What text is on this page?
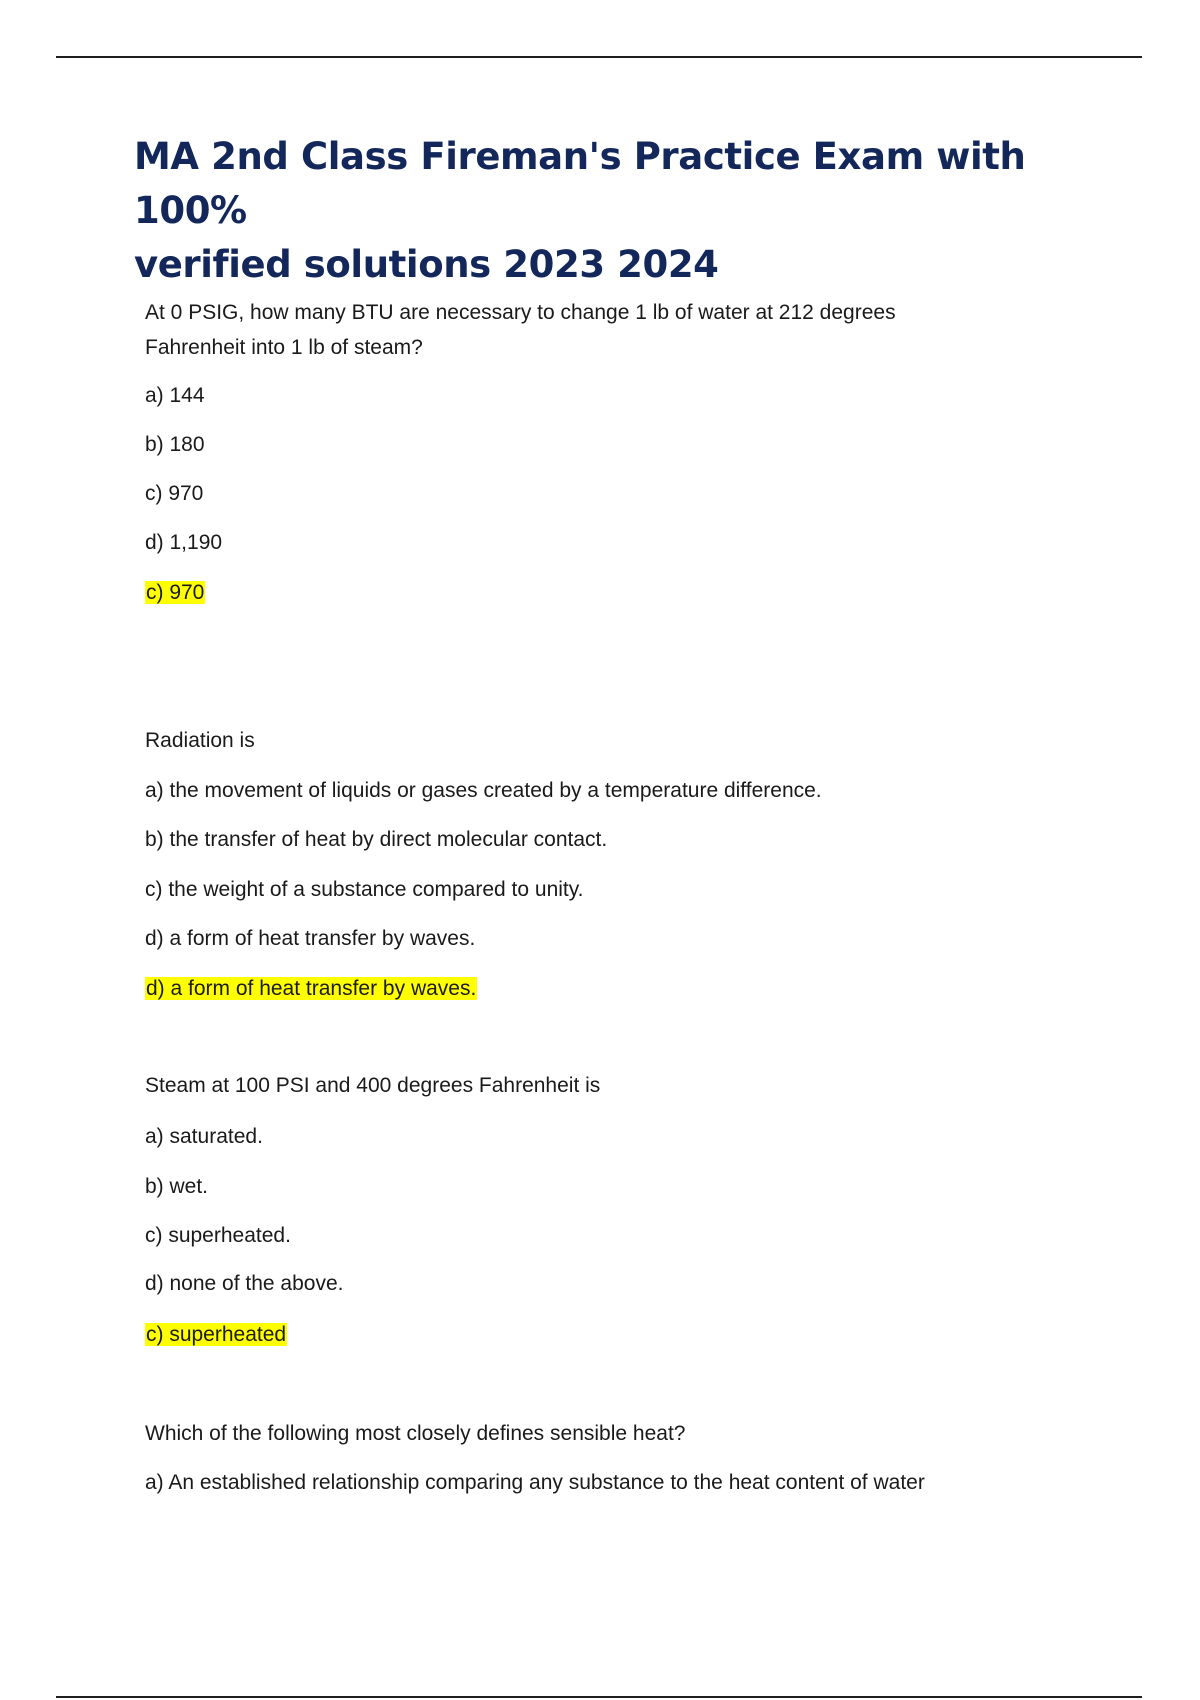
MA 2nd Class Fireman's Practice Exam with 100%
verified solutions 2023 2024

At 0 PSIG, how many BTU are necessary to change 1 lb of water at 212 degrees

Fahrenheit into 1 lb of steam?

a) 144

b) 180

c) 970

d) 1,190

c) 970

Radiation is

a) the movement of liquids or gases created by a temperature difference.

b) the transfer of heat by direct molecular contact.

c) the weight of a substance compared to unity.

d) a form of heat transfer by waves.

d) a form of heat transfer by waves.

Steam at 100 PSI and 400 degrees Fahrenheit is

a) saturated.

b) wet.

c) superheated.

d) none of the above.

c) superheated

Which of the following most closely defines sensible heat?

a) An established relationship comparing any substance to the heat content of water
